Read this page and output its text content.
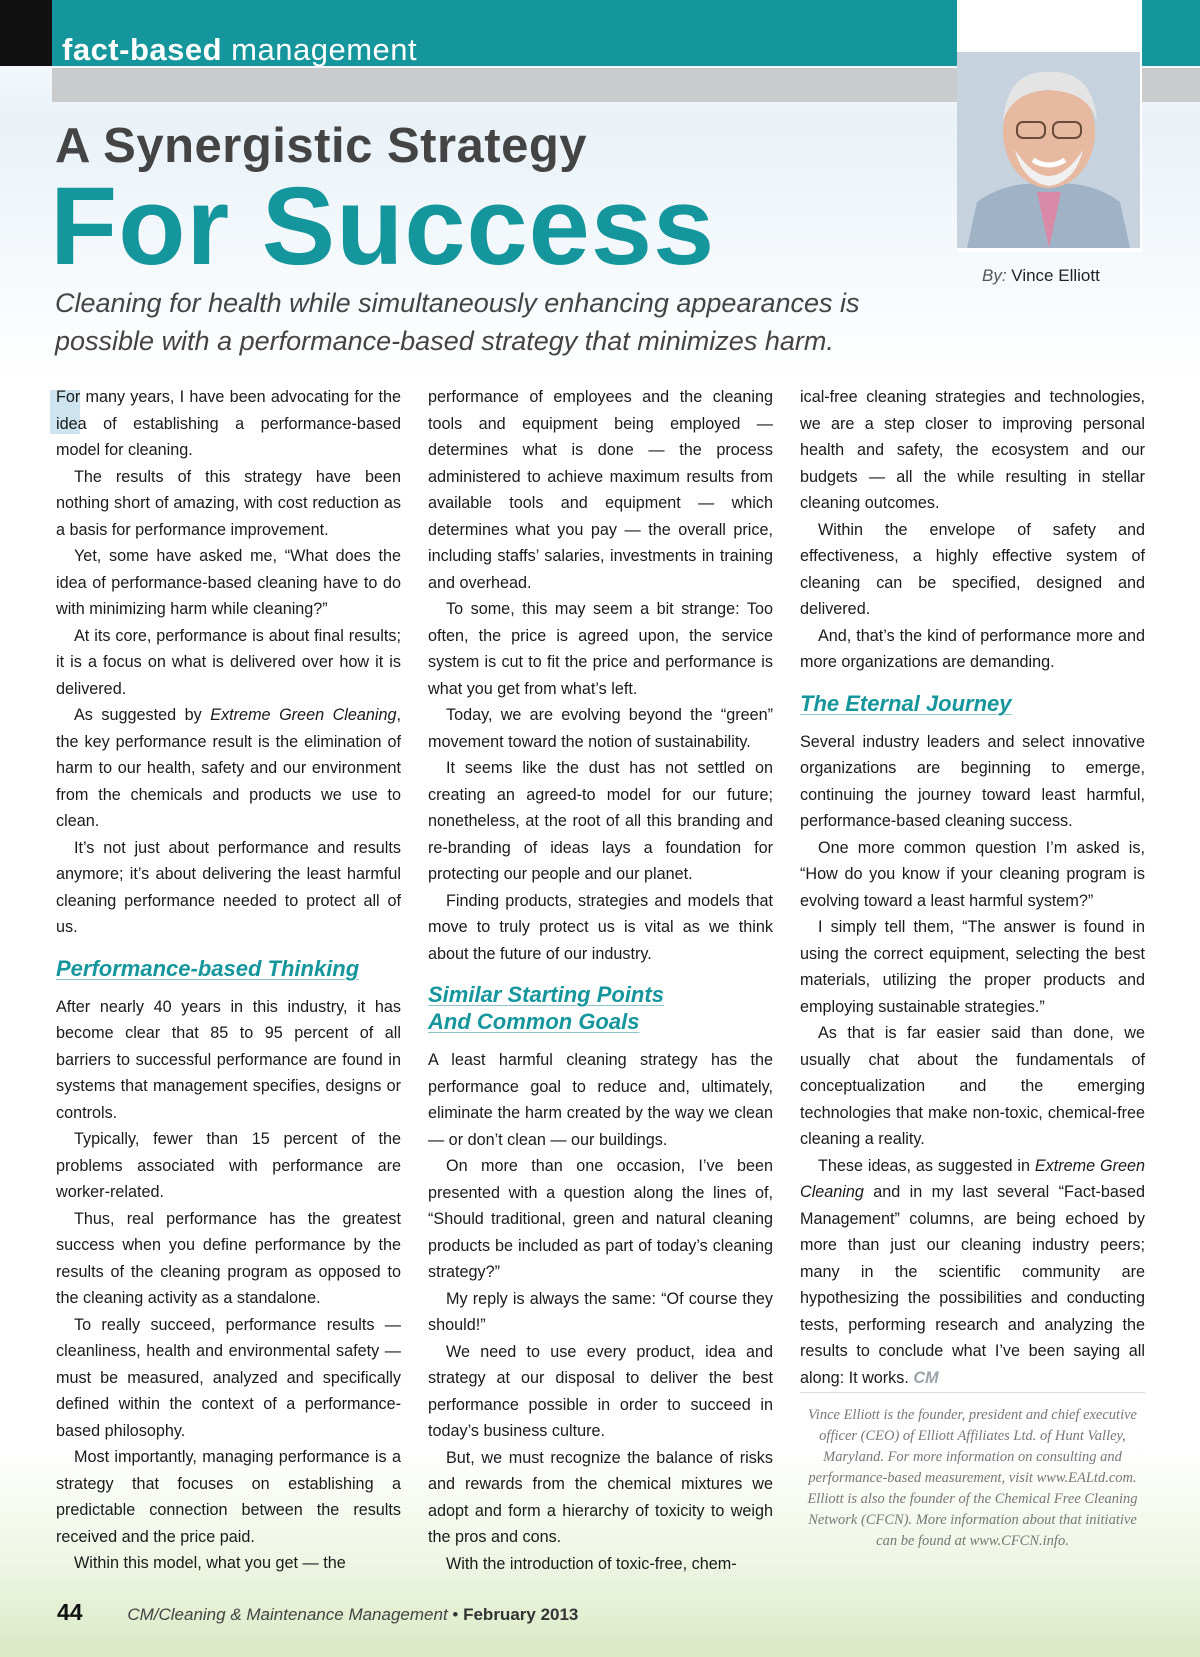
fact-based management
By: Vince Elliott
A Synergistic Strategy
For Success
Cleaning for health while simultaneously enhancing appearances is possible with a performance-based strategy that minimizes harm.

For many years, I have been advocating for the idea of establishing a performance-based model for cleaning.

The results of this strategy have been nothing short of amazing, with cost reduction as a basis for performance improvement.

Yet, some have asked me, “What does the idea of performance-based cleaning have to do with minimizing harm while cleaning?”

At its core, performance is about final results; it is a focus on what is delivered over how it is delivered.

As suggested by Extreme Green Cleaning, the key performance result is the elimination of harm to our health, safety and our environment from the chemicals and products we use to clean.

It’s not just about performance and results anymore; it’s about delivering the least harmful cleaning performance needed to protect all of us.

Performance-based Thinking

After nearly 40 years in this industry, it has become clear that 85 to 95 percent of all barriers to successful performance are found in systems that management specifies, designs or controls.

Typically, fewer than 15 percent of the problems associated with performance are worker-related.

Thus, real performance has the greatest success when you define performance by the results of the cleaning program as opposed to the cleaning activity as a standalone.

To really succeed, performance results — cleanliness, health and environmental safety — must be measured, analyzed and specifically defined within the context of a performance-based philosophy.

Most importantly, managing performance is a strategy that focuses on establishing a predictable connection between the results received and the price paid.

Within this model, what you get — the

performance of employees and the cleaning tools and equipment being employed — determines what is done — the process administered to achieve maximum results from available tools and equipment — which determines what you pay — the overall price, including staffs’ salaries, investments in training and overhead.

To some, this may seem a bit strange: Too often, the price is agreed upon, the service system is cut to fit the price and performance is what you get from what’s left.

Today, we are evolving beyond the “green” movement toward the notion of sustainability.

It seems like the dust has not settled on creating an agreed-to model for our future; nonetheless, at the root of all this branding and re-branding of ideas lays a foundation for protecting our people and our planet.

Finding products, strategies and models that move to truly protect us is vital as we think about the future of our industry.

Similar Starting Points
And Common Goals

A least harmful cleaning strategy has the performance goal to reduce and, ultimately, eliminate the harm created by the way we clean — or don’t clean — our buildings.

On more than one occasion, I’ve been presented with a question along the lines of, “Should traditional, green and natural cleaning products be included as part of today’s cleaning strategy?”

My reply is always the same: “Of course they should!”

We need to use every product, idea and strategy at our disposal to deliver the best performance possible in order to succeed in today’s business culture.

But, we must recognize the balance of risks and rewards from the chemical mixtures we adopt and form a hierarchy of toxicity to weigh the pros and cons.

With the introduction of toxic-free, chem-

ical-free cleaning strategies and technologies, we are a step closer to improving personal health and safety, the ecosystem and our budgets — all the while resulting in stellar cleaning outcomes.

Within the envelope of safety and effectiveness, a highly effective system of cleaning can be specified, designed and delivered.

And, that’s the kind of performance more and more organizations are demanding.

The Eternal Journey

Several industry leaders and select innovative organizations are beginning to emerge, continuing the journey toward least harmful, performance-based cleaning success.

One more common question I’m asked is, “How do you know if your cleaning program is evolving toward a least harmful system?”

I simply tell them, “The answer is found in using the correct equipment, selecting the best materials, utilizing the proper products and employing sustainable strategies.”

As that is far easier said than done, we usually chat about the fundamentals of conceptualization and the emerging technologies that make non-toxic, chemical-free cleaning a reality.

These ideas, as suggested in Extreme Green Cleaning and in my last several “Fact-based Management” columns, are being echoed by more than just our cleaning industry peers; many in the scientific community are hypothesizing the possibilities and conducting tests, performing research and analyzing the results to conclude what I’ve been saying all along: It works. CM

Vince Elliott is the founder, president and chief executive officer (CEO) of Elliott Affiliates Ltd. of Hunt Valley, Maryland. For more information on consulting and performance-based measurement, visit www.EALtd.com. Elliott is also the founder of the Chemical Free Cleaning Network (CFCN). More information about that initiative can be found at www.CFCN.info.
44	CM/Cleaning & Maintenance Management • February 2013
